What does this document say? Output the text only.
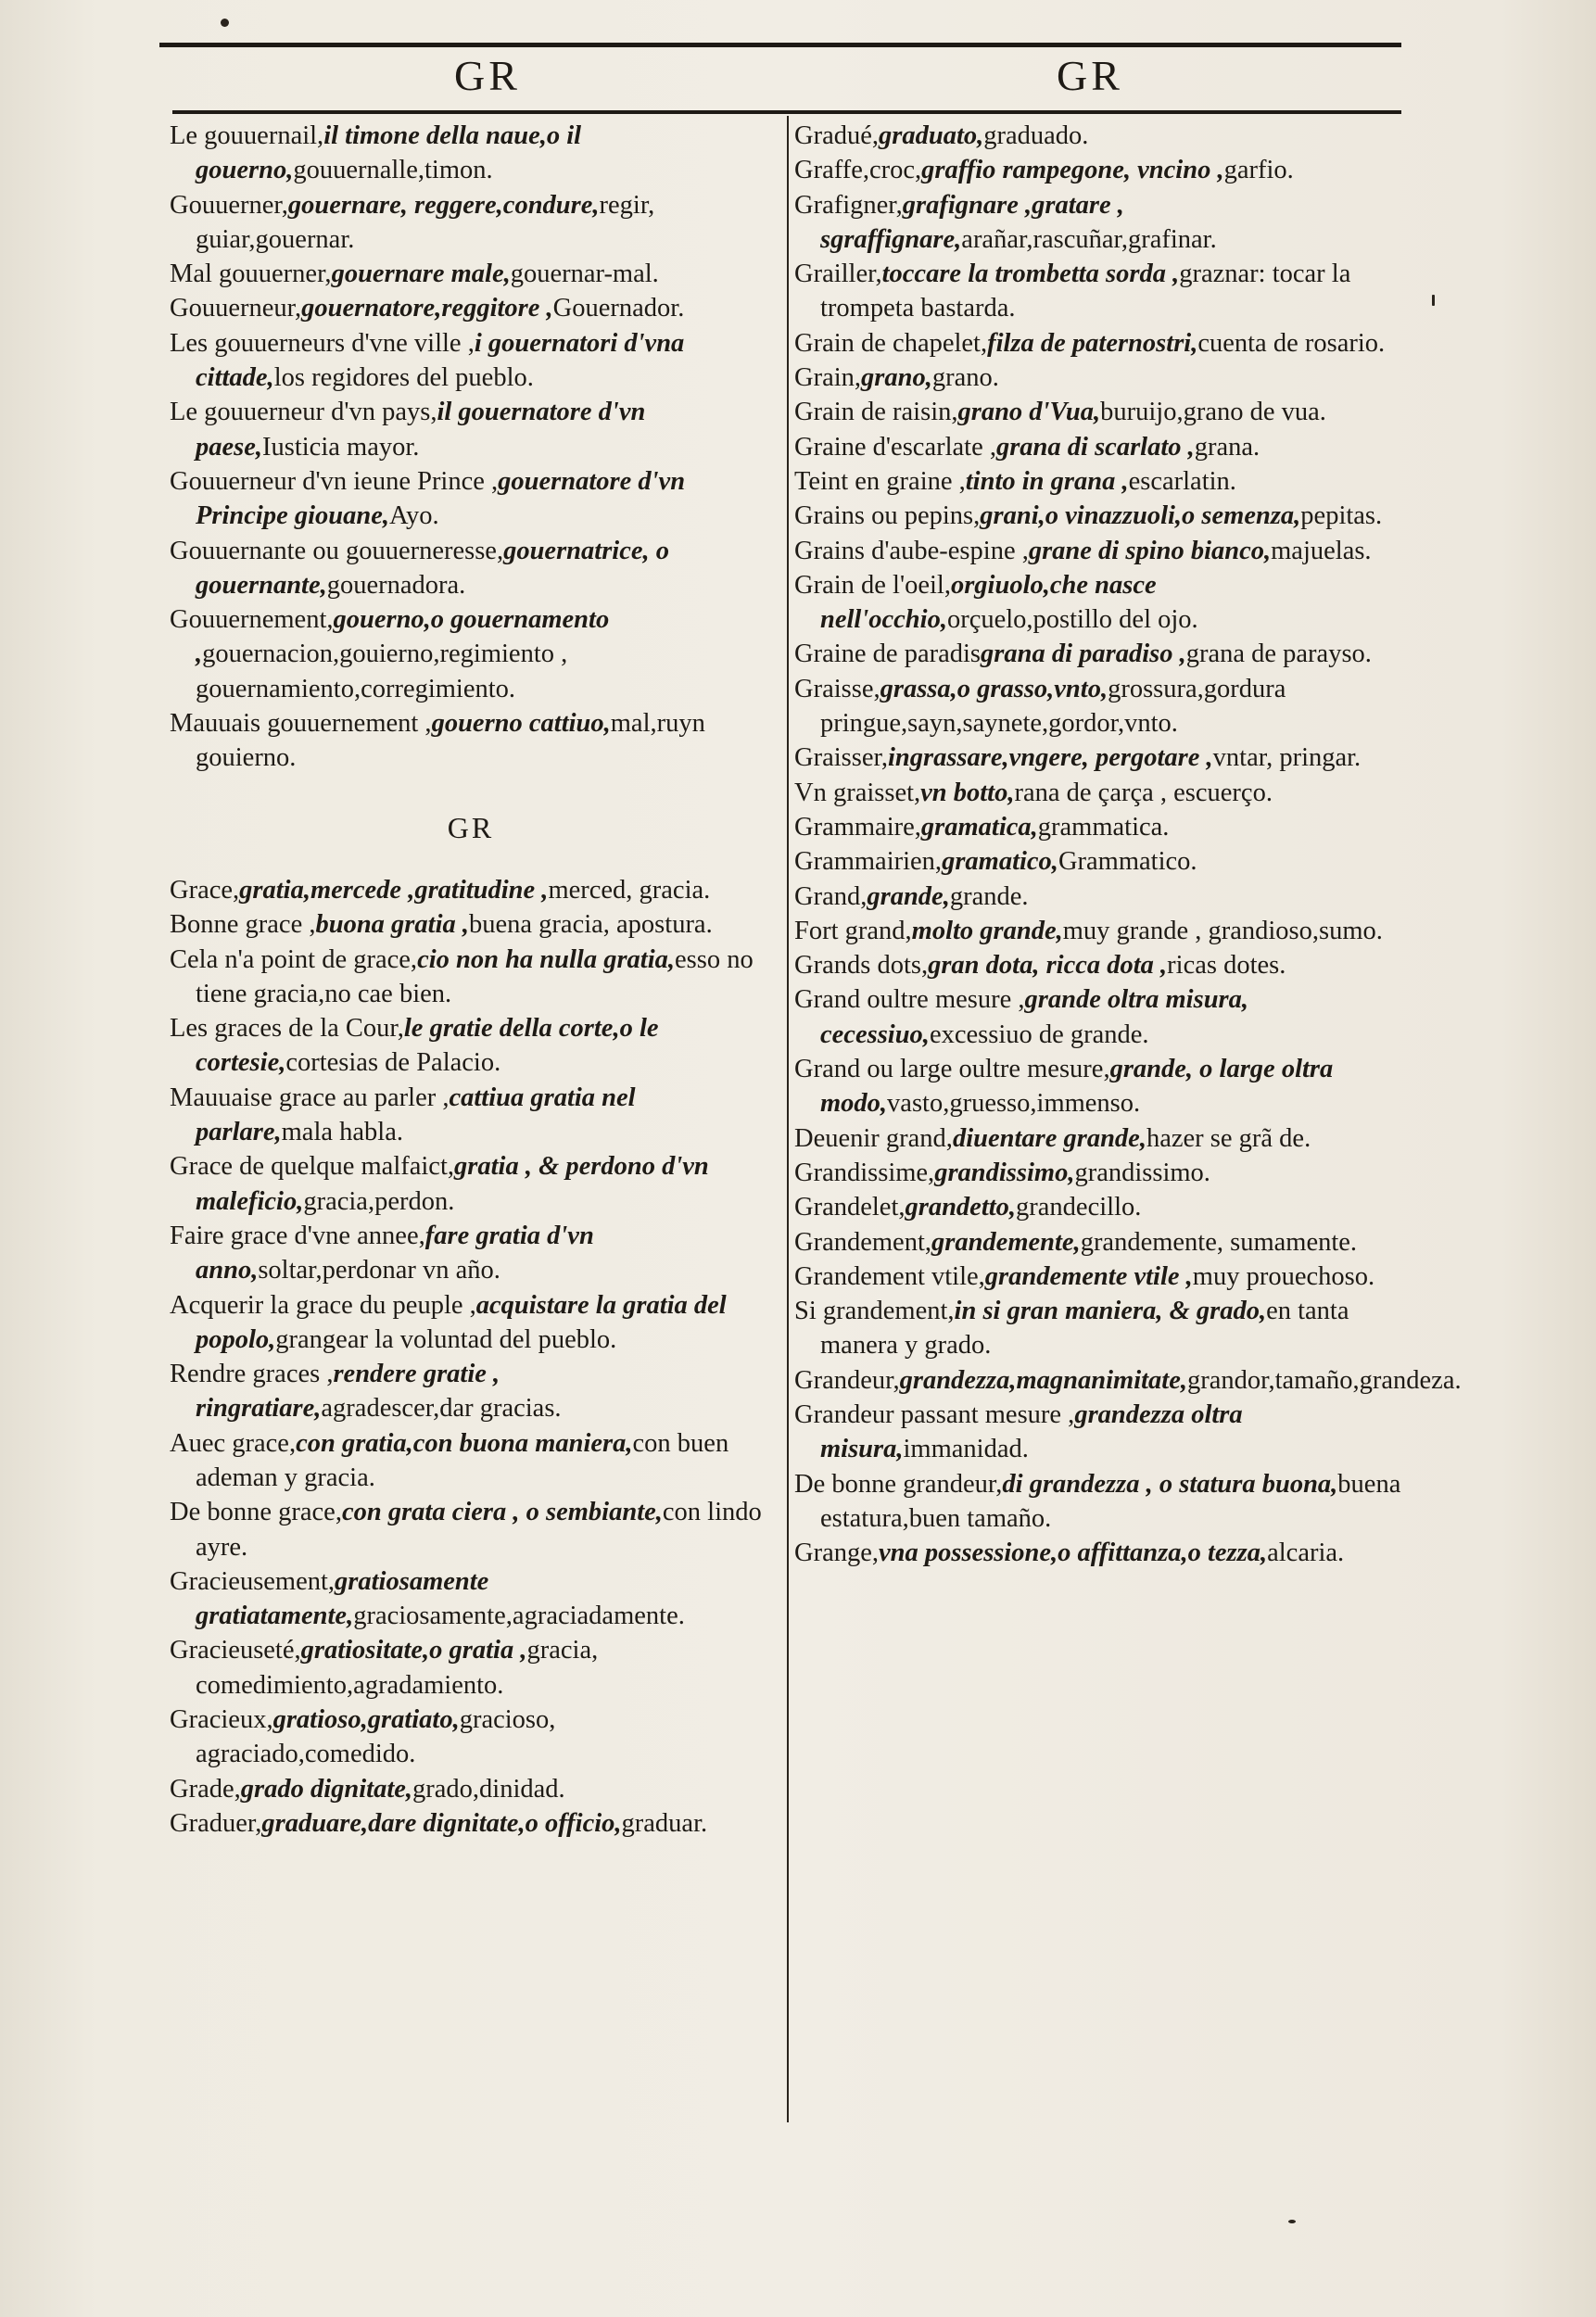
GR	GR

Le gouuernail,il timone della naue,o il gouerno,gouuernalle,timon.

Gouuerner,gouernare, reggere,condure,regir, guiar,gouernar.

Mal gouuerner,gouernare male,gouernar-mal.

Gouuerneur,gouernatore,reggitore ,Gouernador.

Les gouuerneurs d'vne ville ,i gouernatori d'vna cittade,los regidores del pueblo.

Le gouuerneur d'vn pays,il gouernatore d'vn paese,Iusticia mayor.

Gouuerneur d'vn ieune Prince ,gouernatore d'vn Principe giouane,Ayo.

Gouuernante ou gouuerneresse,gouernatrice, o gouernante,gouernadora.

Gouuernement,gouerno,o gouernamento ,gouernacion,gouierno,regimiento , gouernamiento,corregimiento.

Mauuais gouuernement ,gouerno cattiuo,mal,ruyn gouierno.

GR

Grace,gratia,mercede ,gratitudine ,merced, gracia.

Bonne grace ,buona gratia ,buena gracia, apostura.

Cela n'a point de grace,cio non ha nulla gratia,esso no tiene gracia,no cae bien.

Les graces de la Cour,le gratie della corte,o le cortesie,cortesias de Palacio.

Mauuaise grace au parler ,cattiua gratia nel parlare,mala habla.

Grace de quelque malfaict,gratia , & perdono d'vn maleficio,gracia,perdon.

Faire grace d'vne annee,fare gratia d'vn anno,soltar,perdonar vn año.

Acquerir la grace du peuple ,acquistare la gratia del popolo,grangear la voluntad del pueblo.

Rendre graces ,rendere gratie , ringratiare,agradescer,dar gracias.

Auec grace,con gratia,con buona maniera,con buen ademan y gracia.

De bonne grace,con grata ciera , o sembiante,con lindo ayre.

Gracieusement,gratiosamente gratiatamente,graciosamente,agraciadamente.

Gracieuseté,gratiositate,o gratia ,gracia, comedimiento,agradamiento.

Gracieux,gratioso,gratiato,gracioso, agraciado,comedido.

Grade,grado dignitate,grado,dinidad.

Graduer,graduare,dare dignitate,o officio,graduar.

Gradué,graduato,graduado.

Graffe,croc,graffio rampegone, vncino ,garfio.

Grafigner,grafignare ,gratare , sgraffignare,arañar,rascuñar,grafinar.

Grailler,toccare la trombetta sorda ,graznar: tocar la trompeta bastarda.

Grain de chapelet,filza de paternostri,cuenta de rosario.

Grain,grano,grano.

Grain de raisin,grano d'Vua,buruijo,grano de vua.

Graine d'escarlate ,grana di scarlato ,grana.

Teint en graine ,tinto in grana ,escarlatin.

Grains ou pepins,grani,o vinazzuoli,o semenza,pepitas.

Grains d'aube-espine ,grane di spino bianco,majuelas.

Grain de l'oeil,orgiuolo,che nasce nell'occhio,orçuelo,postillo del ojo.

Graine de paradisgrana di paradiso ,grana de parayso.

Graisse,grassa,o grasso,vnto,grossura,gordura pringue,sayn,saynete,gordor,vnto.

Graisser,ingrassare,vngere, pergotare ,vntar, pringar.

Vn graisset,vn botto,rana de çarça , escuerço.

Grammaire,gramatica,grammatica.

Grammairien,gramatico,Grammatico.

Grand,grande,grande.

Fort grand,molto grande,muy grande , grandioso,sumo.

Grands dots,gran dota, ricca dota ,ricas dotes.

Grand oultre mesure ,grande oltra misura, cecessiuo,excessiuo de grande.

Grand ou large oultre mesure,grande, o large oltra modo,vasto,gruesso,immenso.

Deuenir grand,diuentare grande,hazer se grã de.

Grandissime,grandissimo,grandissimo.

Grandelet,grandetto,grandecillo.

Grandement,grandemente,grandemente, sumamente.

Grandement vtile,grandemente vtile ,muy prouechoso.

Si grandement,in si gran maniera, & grado,en tanta manera y grado.

Grandeur,grandezza,magnanimitate,grandor,tamaño,grandeza.

Grandeur passant mesure ,grandezza oltra misura,immanidad.

De bonne grandeur,di grandezza , o statura buona,buena estatura,buen tamaño.

Grange,vna possessione,o affittanza,o tezza,alcaria.
